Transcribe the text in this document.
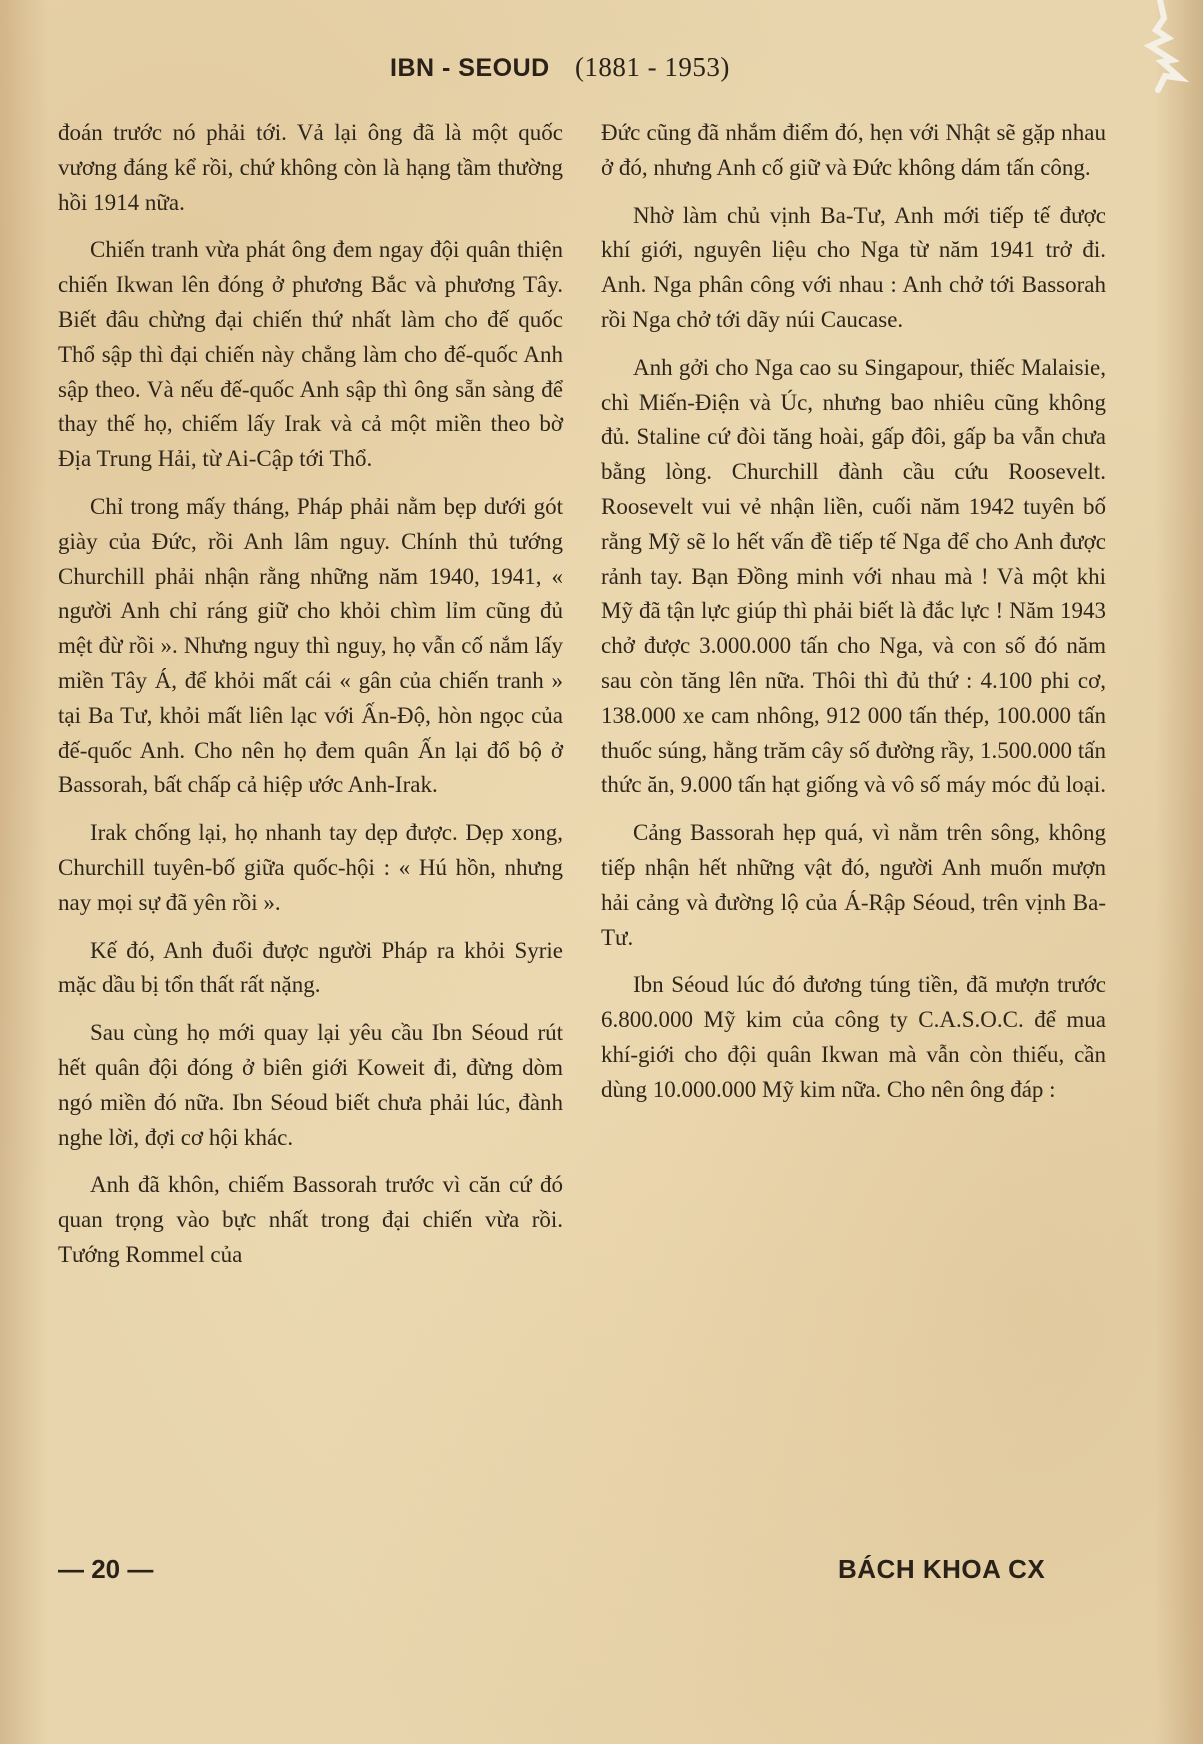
IBN - SEOUD (1881 - 1953)

đoán trước nó phải tới. Vả lại ông đã là một quốc vương đáng kể rồi, chứ không còn là hạng tầm thường hồi 1914 nữa.

Chiến tranh vừa phát ông đem ngay đội quân thiện chiến Ikwan lên đóng ở phương Bắc và phương Tây. Biết đâu chừng đại chiến thứ nhất làm cho đế quốc Thổ sập thì đại chiến này chẳng làm cho đế-quốc Anh sập theo. Và nếu đế-quốc Anh sập thì ông sẵn sàng để thay thế họ, chiếm lấy Irak và cả một miền theo bờ Địa Trung Hải, từ Ai-Cập tới Thổ.

Chỉ trong mấy tháng, Pháp phải nằm bẹp dưới gót giày của Đức, rồi Anh lâm nguy. Chính thủ tướng Churchill phải nhận rằng những năm 1940, 1941, « người Anh chỉ ráng giữ cho khỏi chìm lỉm cũng đủ mệt đừ rồi ». Nhưng nguy thì nguy, họ vẫn cố nắm lấy miền Tây Á, để khỏi mất cái « gân của chiến tranh » tại Ba Tư, khỏi mất liên lạc với Ấn-Độ, hòn ngọc của đế-quốc Anh. Cho nên họ đem quân Ấn lại đổ bộ ở Bassorah, bất chấp cả hiệp ước Anh-Irak.

Irak chống lại, họ nhanh tay dẹp được. Dẹp xong, Churchill tuyên-bố giữa quốc-hội : « Hú hồn, nhưng nay mọi sự đã yên rồi ».

Kế đó, Anh đuổi được người Pháp ra khỏi Syrie mặc dầu bị tổn thất rất nặng.

Sau cùng họ mới quay lại yêu cầu Ibn Séoud rút hết quân đội đóng ở biên giới Koweit đi, đừng dòm ngó miền đó nữa. Ibn Séoud biết chưa phải lúc, đành nghe lời, đợi cơ hội khác.

Anh đã khôn, chiếm Bassorah trước vì căn cứ đó quan trọng vào bực nhất trong đại chiến vừa rồi. Tướng Rommel của

Đức cũng đã nhắm điểm đó, hẹn với Nhật sẽ gặp nhau ở đó, nhưng Anh cố giữ và Đức không dám tấn công.

Nhờ làm chủ vịnh Ba-Tư, Anh mới tiếp tế được khí giới, nguyên liệu cho Nga từ năm 1941 trở đi. Anh. Nga phân công với nhau : Anh chở tới Bassorah rồi Nga chở tới dãy núi Caucase.

Anh gởi cho Nga cao su Singapour, thiếc Malaisie, chì Miến-Điện và Úc, nhưng bao nhiêu cũng không đủ. Staline cứ đòi tăng hoài, gấp đôi, gấp ba vẫn chưa bằng lòng. Churchill đành cầu cứu Roosevelt. Roosevelt vui vẻ nhận liền, cuối năm 1942 tuyên bố rằng Mỹ sẽ lo hết vấn đề tiếp tế Nga để cho Anh được rảnh tay. Bạn Đồng minh với nhau mà ! Và một khi Mỹ đã tận lực giúp thì phải biết là đắc lực ! Năm 1943 chở được 3.000.000 tấn cho Nga, và con số đó năm sau còn tăng lên nữa. Thôi thì đủ thứ : 4.100 phi cơ, 138.000 xe cam nhông, 912 000 tấn thép, 100.000 tấn thuốc súng, hằng trăm cây số đường rầy, 1.500.000 tấn thức ăn, 9.000 tấn hạt giống và vô số máy móc đủ loại.

Cảng Bassorah hẹp quá, vì nằm trên sông, không tiếp nhận hết những vật đó, người Anh muốn mượn hải cảng và đường lộ của Á-Rập Séoud, trên vịnh Ba-Tư.

Ibn Séoud lúc đó đương túng tiền, đã mượn trước 6.800.000 Mỹ kim của công ty C.A.S.O.C. để mua khí-giới cho đội quân Ikwan mà vẫn còn thiếu, cần dùng 10.000.000 Mỹ kim nữa. Cho nên ông đáp :

— 20 —	BÁCH KHOA CX
